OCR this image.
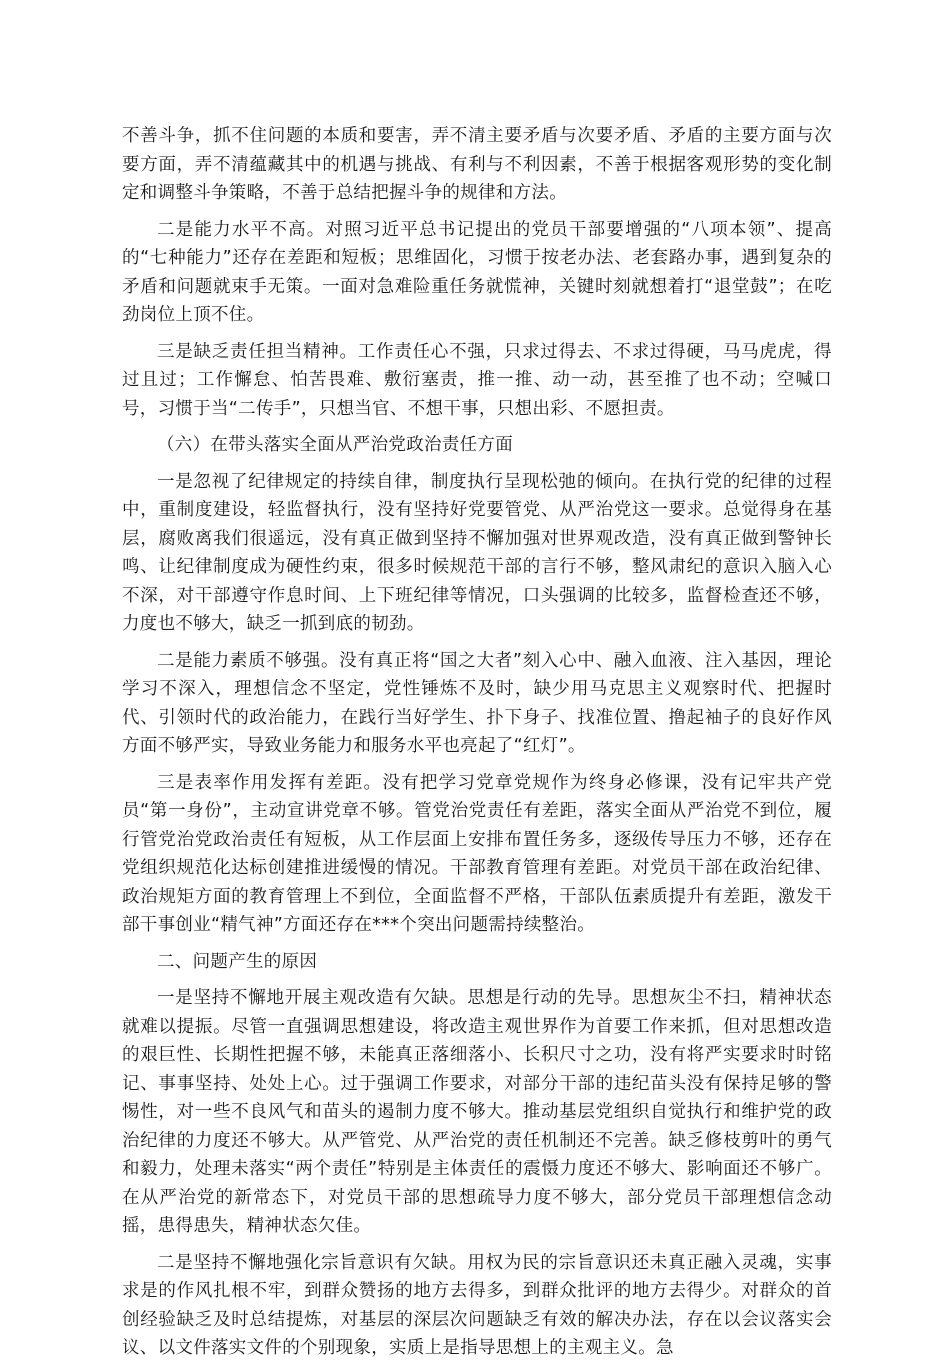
不善斗争，抓不住问题的本质和要害，弄不清主要矛盾与次要矛盾、矛盾的主要方面与次要方面，弄不清蕴藏其中的机遇与挑战、有利与不利因素，不善于根据客观形势的变化制定和调整斗争策略，不善于总结把握斗争的规律和方法。

二是能力水平不高。对照习近平总书记提出的党员干部要增强的“八项本领”、提高的“七种能力”还存在差距和短板；思维固化，习惯于按老办法、老套路办事，遇到复杂的矛盾和问题就束手无策。一面对急难险重任务就慌神，关键时刻就想着打“退堂鼓”；在吃劲岗位上顶不住。

三是缺乏责任担当精神。工作责任心不强，只求过得去、不求过得硬，马马虎虎，得过且过；工作懈怠、怕苦畏难、敷衍塞责，推一推、动一动，甚至推了也不动；空喊口号，习惯于当“二传手”，只想当官、不想干事，只想出彩、不愿担责。

（六）在带头落实全面从严治党政治责任方面

一是忽视了纪律规定的持续自律，制度执行呈现松弛的倾向。在执行党的纪律的过程中，重制度建设，轻监督执行，没有坚持好党要管党、从严治党这一要求。总觉得身在基层，腐败离我们很遥远，没有真正做到坚持不懈加强对世界观改造，没有真正做到警钟长鸣、让纪律制度成为硬性约束，很多时候规范干部的言行不够，整风肃纪的意识入脑入心不深，对干部遵守作息时间、上下班纪律等情况，口头强调的比较多，监督检查还不够，力度也不够大，缺乏一抓到底的韧劲。

二是能力素质不够强。没有真正将“国之大者”刻入心中、融入血液、注入基因，理论学习不深入，理想信念不坚定，党性锤炼不及时，缺少用马克思主义观察时代、把握时代、引领时代的政治能力，在践行当好学生、扑下身子、找准位置、撸起袖子的良好作风方面不够严实，导致业务能力和服务水平也亮起了“红灯”。

三是表率作用发挥有差距。没有把学习党章党规作为终身必修课，没有记牢共产党员“第一身份”，主动宣讲党章不够。管党治党责任有差距，落实全面从严治党不到位，履行管党治党政治责任有短板，从工作层面上安排布置任务多，逐级传导压力不够，还存在党组织规范化达标创建推进缓慢的情况。干部教育管理有差距。对党员干部在政治纪律、政治规矩方面的教育管理上不到位，全面监督不严格，干部队伍素质提升有差距，激发干部干事创业“精气神”方面还存在***个突出问题需持续整治。

二、问题产生的原因

一是坚持不懈地开展主观改造有欠缺。思想是行动的先导。思想灰尘不扫，精神状态就难以提振。尽管一直强调思想建设，将改造主观世界作为首要工作来抓，但对思想改造的艰巨性、长期性把握不够，未能真正落细落小、长积尺寸之功，没有将严实要求时时铭记、事事坚持、处处上心。过于强调工作要求，对部分干部的违纪苗头没有保持足够的警惕性，对一些不良风气和苗头的遏制力度不够大。推动基层党组织自觉执行和维护党的政治纪律的力度还不够大。从严管党、从严治党的责任机制还不完善。缺乏修枝剪叶的勇气和毅力，处理未落实“两个责任”特别是主体责任的震慑力度还不够大、影响面还不够广。在从严治党的新常态下，对党员干部的思想疏导力度不够大，部分党员干部理想信念动摇，患得患失，精神状态欠佳。

二是坚持不懈地强化宗旨意识有欠缺。用权为民的宗旨意识还未真正融入灵魂，实事求是的作风扎根不牢，到群众赞扬的地方去得多，到群众批评的地方去得少。对群众的首创经验缺乏及时总结提炼，对基层的深层次问题缺乏有效的解决办法，存在以会议落实会议、以文件落实文件的个别现象，实质上是指导思想上的主观主义。急
